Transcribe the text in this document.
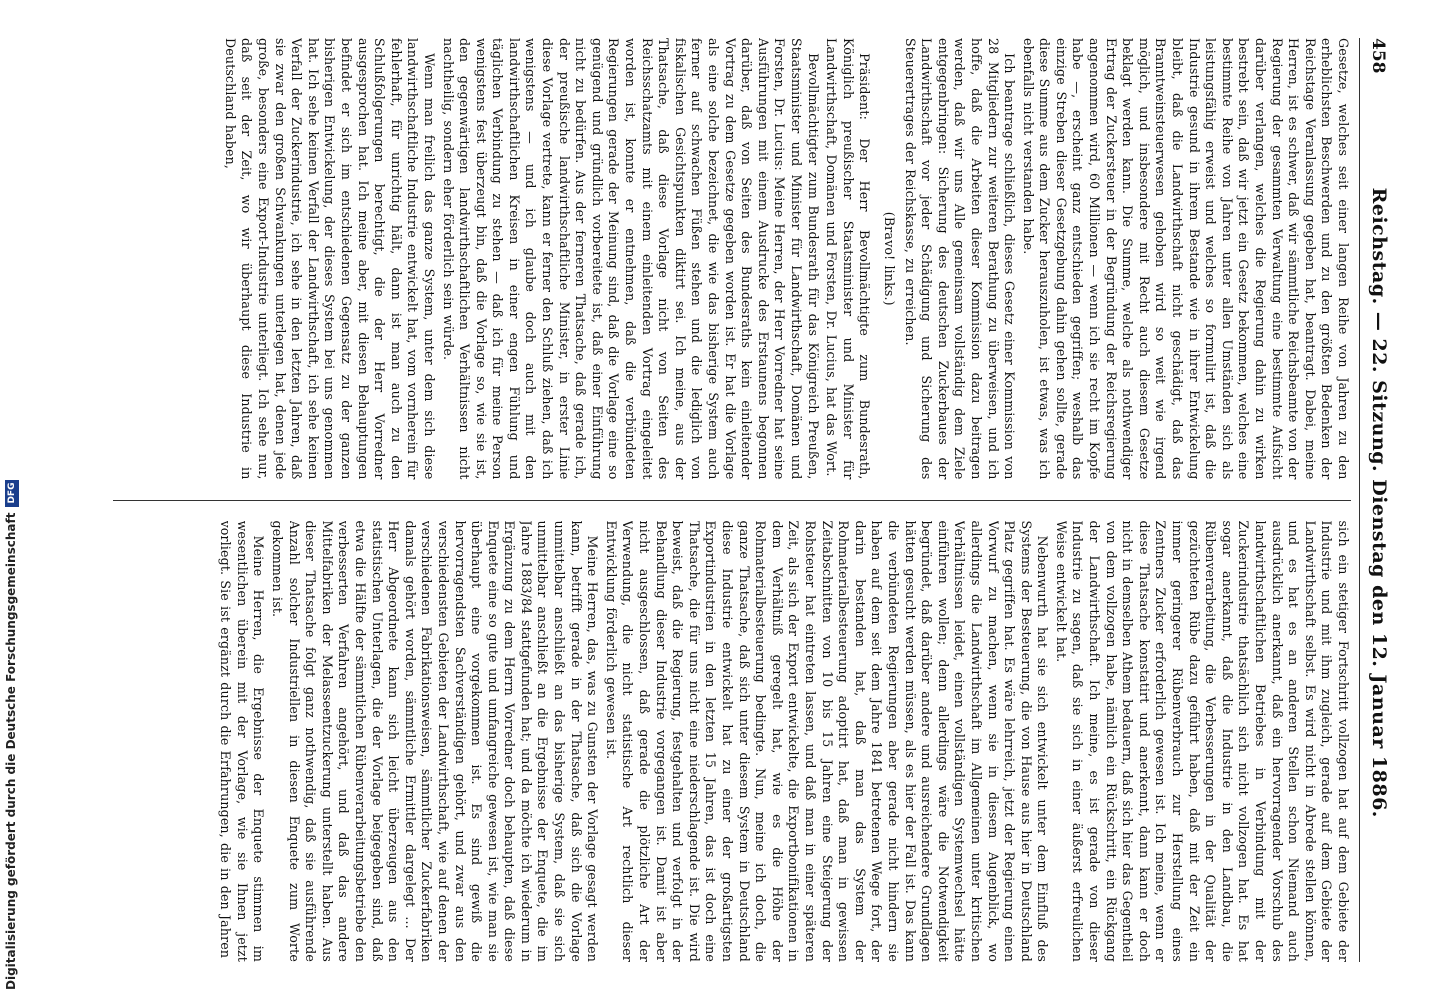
Digitalisierung gefördert durch die Deutsche ForschungsgemeinschaftDFG
458
Reichstag. — 22. Sitzung. Dienstag den 12. Januar 1886.

Gesetze, welches seit einer langen Reihe von Jahren zu den erheblichsten Beschwerden und zu den größten Bedenken der Reichstage Veranlassung gegeben hat, beantragt. Dabei, meine Herren, ist es schwer, daß wir sämmtliche Reichsbeamte von der Regierung der gesammten Verwaltung eine bestimmte Aufsicht darüber verlangen, welches die Regierung dahin zu wirken bestrebt sein, daß wir jetzt ein Gesetz bekommen, welches eine bestimmte Reihe von Jahren unter allen Umständen sich als leistungsfähig erweist und welches so formulirt ist, daß die Industrie gesund in ihrem Bestande wie in ihrer Entwickelung bleibt, daß die Landwirthschaft nicht geschädigt, daß das Branntweinsteuerwesen gehoben wird so weit wie irgend möglich, und insbesondere mit Recht auch diesem Gesetze beklagt werden kann. Die Summe, welche als nothwendiger Ertrag der Zuckersteuer in der Begründung der Reichsregierung angenommen wird, 60 Millionen — wenn ich sie recht im Kopfe habe —, erscheint ganz entschieden gegriffen; weshalb das einzige Streben dieser Gesetzgebung dahin gehen sollte, gerade diese Summe aus dem Zucker herauszuholen, ist etwas, was ich ebenfalls nicht verstanden habe.

Ich beantrage schließlich, dieses Gesetz einer Kommission von 28 Mitgliedern zur weiteren Berathung zu überweisen, und ich hoffe, daß die Arbeiten dieser Kommission dazu beitragen werden, daß wir uns Alle gemeinsam vollständig dem Ziele entgegenbringen: Sicherung des deutschen Zuckerbaues der Landwirthschaft vor jeder Schädigung und Sicherung des Steuerertrages der Reichskasse, zu erreichen.

(Bravo! links.)

Präsident: Der Herr Bevollmächtigte zum Bundesrath, Königlich preußischer Staatsminister und Minister für Landwirthschaft, Domänen und Forsten, Dr. Lucius, hat das Wort.

Bevollmächtigter zum Bundesrath für das Königreich Preußen, Staatsminister und Minister für Landwirthschaft, Domänen und Forsten, Dr. Lucius: Meine Herren, der Herr Vorredner hat seine Ausführungen mit einem Ausdrucke des Erstaunens begonnen darüber, daß von Seiten des Bundesraths kein einleitender Vortrag zu dem Gesetze gegeben worden ist. Er hat die Vorlage als eine solche bezeichnet, die wie das bisherige System auch ferner auf schwachen Füßen stehen und die lediglich von fiskalischen Gesichtspunkten diktirt sei. Ich meine, aus der Thatsache, daß diese Vorlage nicht von Seiten des Reichsschatzamts mit einem einleitenden Vortrag eingeleitet worden ist, konnte er entnehmen, daß die verbündeten Regierungen gerade der Meinung sind, daß die Vorlage eine so genügend und gründlich vorbereitete ist, daß einer Einführung nicht zu bedürfen. Aus der ferneren Thatsache, daß gerade ich, der preußische landwirthschaftliche Minister, in erster Linie diese Vorlage vertrete, kann er ferner den Schluß ziehen, daß ich wenigstens — und ich glaube doch auch mit den landwirthschaftlichen Kreisen in einer engen Fühlung und täglichen Verbindung zu stehen — daß ich für meine Person wenigstens fest überzeugt bin, daß die Vorlage so, wie sie ist, den gegenwärtigen landwirthschaftlichen Verhältnissen nicht nachtheilig, sondern eher förderlich sein würde.

Wenn man freilich das ganze System, unter dem sich diese landwirthschaftliche Industrie entwickelt hat, vom vornherein für fehlerhaft, für unrichtig hält, dann ist man auch zu den Schlußfolgerungen berechtigt, die der Herr Vorredner ausgesprochen hat. Ich meine aber, mit diesen Behauptungen befindet er sich im entschiedenen Gegensatz zu der ganzen bisherigen Entwickelung, der dieses System bei uns genommen hat. Ich sehe keinen Verfall der Landwirthschaft, ich sehe keinen Verfall der Zuckerindustrie, ich sehe in den letzten Jahren, daß sie zwar den großen Schwankungen unterlegen hat, denen jede große, besonders eine Export-Industrie unterliegt. Ich sehe nur, daß seit der Zeit, wo wir überhaupt diese Industrie in Deutschland haben,

sich ein stetiger Fortschritt vollzogen hat auf dem Gebiete der Industrie und mit ihm zugleich, gerade auf dem Gebiete der Landwirthschaft selbst. Es wird nicht in Abrede stellen können, und es hat es an anderen Stellen schon Niemand auch ausdrücklich anerkannt, daß ein hervorragender Vorschub des landwirthschaftlichen Betriebes in Verbindung mit der Zuckerindustrie thatsächlich sich nicht vollzogen hat. Es hat sogar anerkannt, daß die Industrie in den Landbau, die Rübenverarbeitung, die Verbesserungen in der Qualität der gezüchteten Rübe dazu geführt haben, daß mit der Zeit ein immer geringerer Rübenverbrauch zur Herstellung eines Zentners Zucker erforderlich gewesen ist. Ich meine, wenn er diese Thatsache konstatirt und anerkennt, dann kann er doch nicht in demselben Athem bedauern, daß sich hier das Gegentheil von dem vollzogen habe, nämlich ein Rückschritt, ein Rückgang der Landwirthschaft. Ich meine, es ist gerade von dieser Industrie zu sagen, daß sie sich in einer äußerst erfreulichen Weise entwickelt hat.

Nebenwurth hat sie sich entwickelt unter dem Einfluß des Systems der Besteuerung, die von Hause aus hier in Deutschland Platz gegriffen hat. Es wäre lehrreich, jetzt der Regierung einen Vorwurf zu machen, wenn sie in diesem Augenblick, wo allerdings die Landwirthschaft im Allgemeinen unter kritischen Verhältnissen leidet, einen vollständigen Systemwechsel hätte einführen wollen; denn allerdings wäre die Notwendigkeit begründet, daß darüber andere und ausreichendere Grundlagen hätten gesucht werden müssen, als es hier der Fall ist. Das kann die verbündeten Regierungen aber gerade nicht hindern sie haben auf dem seit dem Jahre 1841 betretenen Wege fort, der darin bestanden hat, daß man das System der Rohmaterialbesteuerung adoptirt hat, daß man in gewissen Zeitabschnitten von 10 bis 15 Jahren eine Steigerung der Rohsteuer hat eintreten lassen, und daß man in einer späteren Zeit, als sich der Export entwickelte, die Exportbonifikationen in dem Verhältniß geregelt hat, wie es die Höhe der Rohmaterialbesteuerung bedingte. Nun, meine ich doch, die ganze Thatsache, daß sich unter diesem System in Deutschland diese Industrie entwickelt hat zu einer der großartigsten Exportindustrien in den letzten 15 Jahren, das ist doch eine Thatsache, die für uns nicht eine niederschlagende ist. Die wird beweist, daß die Regierung, festgehalten und verfolgt in der Behandlung dieser Industrie vorgegangen ist. Damit ist aber nicht ausgeschlossen, daß gerade die plötzliche Art der Verwendung, die nicht statistische Art rechtlich dieser Entwicklung förderlich gewesen ist.

Meine Herren, das, was zu Gunsten der Vorlage gesagt werden kann, betrifft gerade in der Thatsache, daß sich die Vorlage unmittelbar anschließt an das bisherige System, daß sie sich unmittelbar anschließt an die Ergebnisse der Enquete, die im Jahre 1883/84 stattgefunden hat; und da möchte ich wiederum in Ergänzung zu dem Herrn Vorredner doch behaupten, daß diese Enquete eine so gute und umfangreiche gewesen ist, wie man sie überhaupt eine vorgekommen ist. Es sind gewiß die hervorragendsten Sachverständigen gehört, und zwar aus den verschiedensten Gebieten der Landwirthschaft, wie auf denen der verschiedenen Fabrikationsweisen, sämmtlicher Zuckerfabriken damals gehört worden, sämmtliche Ermittler dargelegt ... Der Herr Abgeordnete kann sich leicht überzeugen aus den statistischen Unterlagen, die der Vorlage beigegeben sind, daß etwa die Hälfte der sämmtlichen Rübenverarbeitungsbetriebe den verbesserten Verfahren angehört, und daß das andere Mittelfabriken der Melasseentzuckerung unterstellt haben. Aus dieser Thatsache folgt ganz nothwendig, daß sie ausführende Anzahl solcher Industriellen in diesen Enquete zum Worte gekommen ist.

Meine Herren, die Ergebnisse der Enquete stimmen im wesentlichen überein mit der Vorlage, wie sie Ihnen jetzt vorliegt. Sie ist ergänzt durch die Erfahrungen, die in den Jahren
